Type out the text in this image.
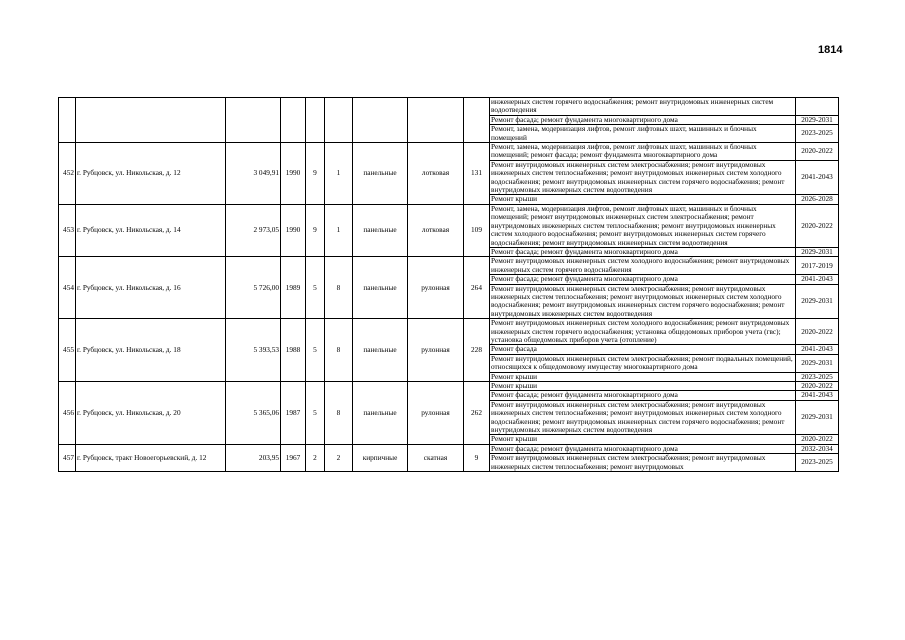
1814
									инженерных систем горячего водоснабжения; ремонт внутридомовых инженерных систем водоотведения	
									Ремонт фасада; ремонт фундамента многоквартирного дома	2029-2031
									Ремонт, замена, модернизация лифтов, ремонт лифтовых шахт, машинных и блочных помещений	2023-2025
452	г. Рубцовск, ул. Никольская, д. 12	3 049,91	1990	9	1	панельные	лотковая	131	Ремонт, замена, модернизация лифтов, ремонт лифтовых шахт, машинных и блочных помещений; ремонт фасада; ремонт фундамента многоквартирного дома	2020-2022
									Ремонт внутридомовых инженерных систем электроснабжения; ремонт внутридомовых инженерных систем теплоснабжения; ремонт внутридомовых инженерных систем холодного водоснабжения; ремонт внутридомовых инженерных систем горячего водоснабжения; ремонт внутридомовых инженерных систем водоотведения	2041-2043
									Ремонт крыши	2026-2028
453	г. Рубцовск, ул. Никольская, д. 14	2 973,05	1990	9	1	панельные	лотковая	109	Ремонт, замена, модернизация лифтов, ремонт лифтовых шахт, машинных и блочных помещений; ремонт внутридомовых инженерных систем электроснабжения; ремонт внутридомовых инженерных систем теплоснабжения; ремонт внутридомовых инженерных систем холодного водоснабжения; ремонт внутридомовых инженерных систем горячего водоснабжения; ремонт внутридомовых инженерных систем водоотведения	2020-2022
									Ремонт фасада; ремонт фундамента многоквартирного дома	2029-2031
454	г. Рубцовск, ул. Никольская, д. 16	5 726,00	1989	5	8	панельные	рулонная	264	Ремонт внутридомовых инженерных систем холодного водоснабжения; ремонт внутридомовых инженерных систем горячего водоснабжения	2017-2019
									Ремонт фасада; ремонт фундамента многоквартирного дома	2041-2043
									Ремонт внутридомовых инженерных систем электроснабжения; ремонт внутридомовых инженерных систем теплоснабжения; ремонт внутридомовых инженерных систем холодного водоснабжения; ремонт внутридомовых инженерных систем горячего водоснабжения; ремонт внутридомовых инженерных систем водоотведения	2029-2031
455	г. Рубцовск, ул. Никольская, д. 18	5 393,53	1988	5	8	панельные	рулонная	228	Ремонт внутридомовых инженерных систем холодного водоснабжения; ремонт внутридомовых инженерных систем горячего водоснабжения; установка общедомовых приборов учета (гвс); установка общедомовых приборов учета (отопление)	2020-2022
									Ремонт фасада	2041-2043
									Ремонт внутридомовых инженерных систем электроснабжения; ремонт подвальных помещений, относящихся к общедомовому имуществу многоквартирного дома	2029-2031
									Ремонт крыши	2023-2025
456	г. Рубцовск, ул. Никольская, д. 20	5 365,06	1987	5	8	панельные	рулонная	262	Ремонт крыши	2020-2022
									Ремонт фасада; ремонт фундамента многоквартирного дома	2041-2043
									Ремонт внутридомовых инженерных систем электроснабжения; ремонт внутридомовых инженерных систем теплоснабжения; ремонт внутридомовых инженерных систем холодного водоснабжения; ремонт внутридомовых инженерных систем горячего водоснабжения; ремонт внутридомовых инженерных систем водоотведения	2029-2031
									Ремонт крыши	2020-2022
457	г. Рубцовск, тракт Новоегорьевский, д. 12	203,95	1967	2	2	кирпичные	скатная	9	Ремонт фасада; ремонт фундамента многоквартирного дома	2032-2034
									Ремонт внутридомовых инженерных систем электроснабжения; ремонт внутридомовых инженерных систем теплоснабжения; ремонт внутридомовых	2023-2025
